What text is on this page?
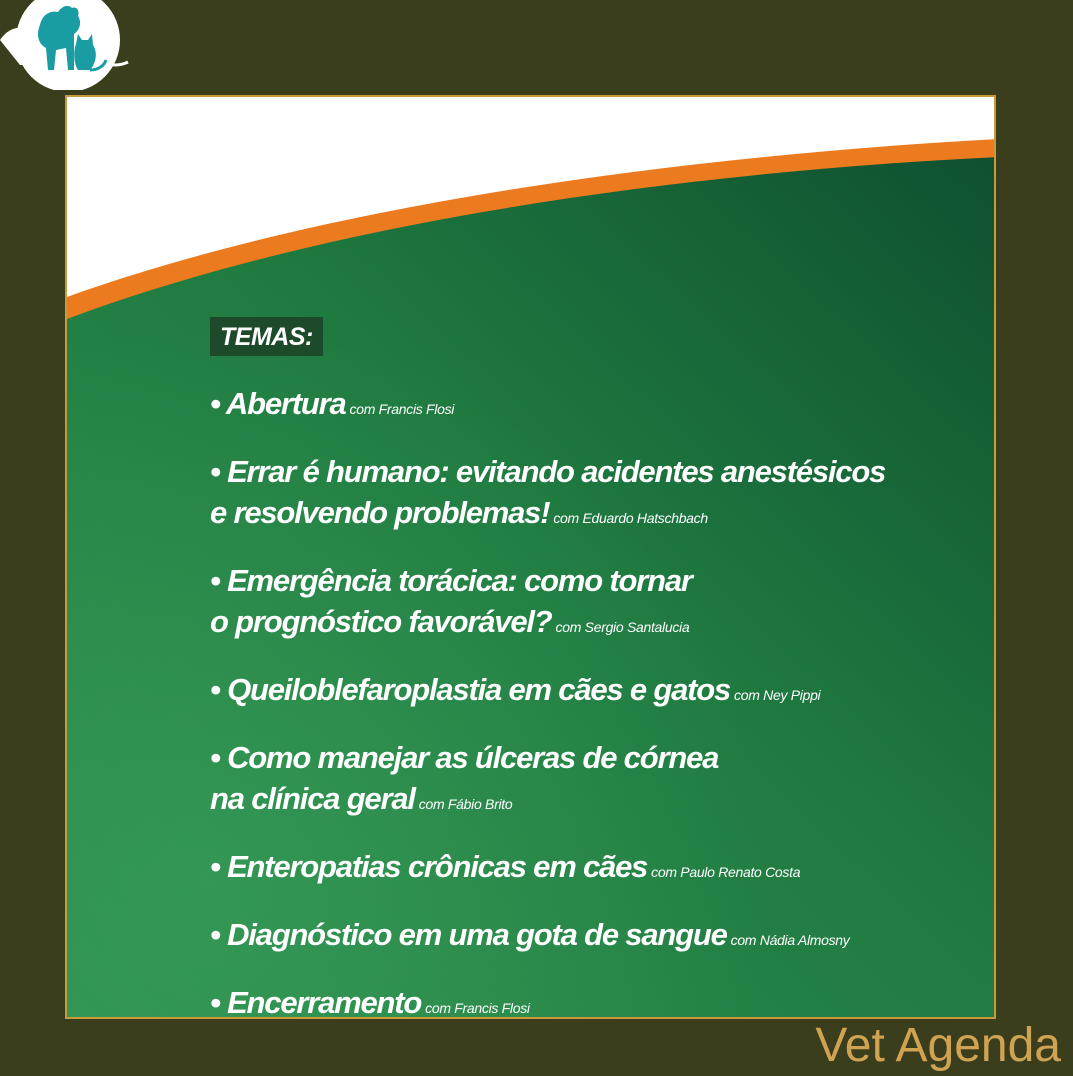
TEMAS:
• Abertura com Francis Flosi
• Errar é humano: evitando acidentes anestésicos
e resolvendo problemas! com Eduardo Hatschbach
• Emergência torácica: como tornar
o prognóstico favorável? com Sergio Santalucia
• Queiloblefaroplastia em cães e gatos com Ney Pippi
• Como manejar as úlceras de córnea
na clínica geral com Fábio Brito
• Enteropatias crônicas em cães com Paulo Renato Costa
• Diagnóstico em uma gota de sangue com Nádia Almosny
• Encerramento com Francis Flosi
Vet Agenda
